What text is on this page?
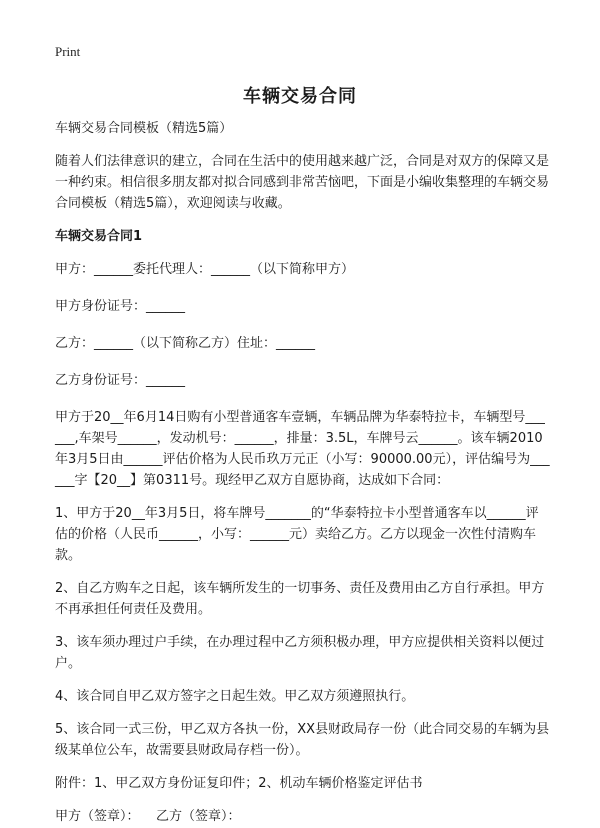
Print
车辆交易合同

车辆交易合同模板（精选5篇）

随着人们法律意识的建立，合同在生活中的使用越来越广泛，合同是对双方的保障又是一种约束。相信很多朋友都对拟合同感到非常苦恼吧，下面是小编收集整理的车辆交易合同模板（精选5篇），欢迎阅读与收藏。

车辆交易合同1

甲方：______委托代理人：______（以下简称甲方）

甲方身份证号：______

乙方：______（以下简称乙方）住址：______

乙方身份证号：______

甲方于20__年6月14日购有小型普通客车壹辆，车辆品牌为华泰特拉卡，车辆型号______,车架号______，发动机号：______，排量：3.5L，车牌号云______。该车辆2010年3月5日由______评估价格为人民币玖万元正（小写：90000.00元），评估编号为______字【20__】第0311号。现经甲乙双方自愿协商，达成如下合同：

1、甲方于20__年3月5日，将车牌号_______的“华泰特拉卡小型普通客车以______评估的价格（人民币______，小写：______元）卖给乙方。乙方以现金一次性付清购车款。

2、自乙方购车之日起，该车辆所发生的一切事务、责任及费用由乙方自行承担。甲方不再承担任何责任及费用。

3、该车须办理过户手续，在办理过程中乙方须积极办理，甲方应提供相关资料以便过户。

4、该合同自甲乙双方签字之日起生效。甲乙双方须遵照执行。

5、该合同一式三份，甲乙双方各执一份，XX县财政局存一份（此合同交易的车辆为县级某单位公车，故需要县财政局存档一份）。

附件：1、甲乙双方身份证复印件；2、机动车辆价格鉴定评估书

甲方（签章）：    乙方（签章）：
